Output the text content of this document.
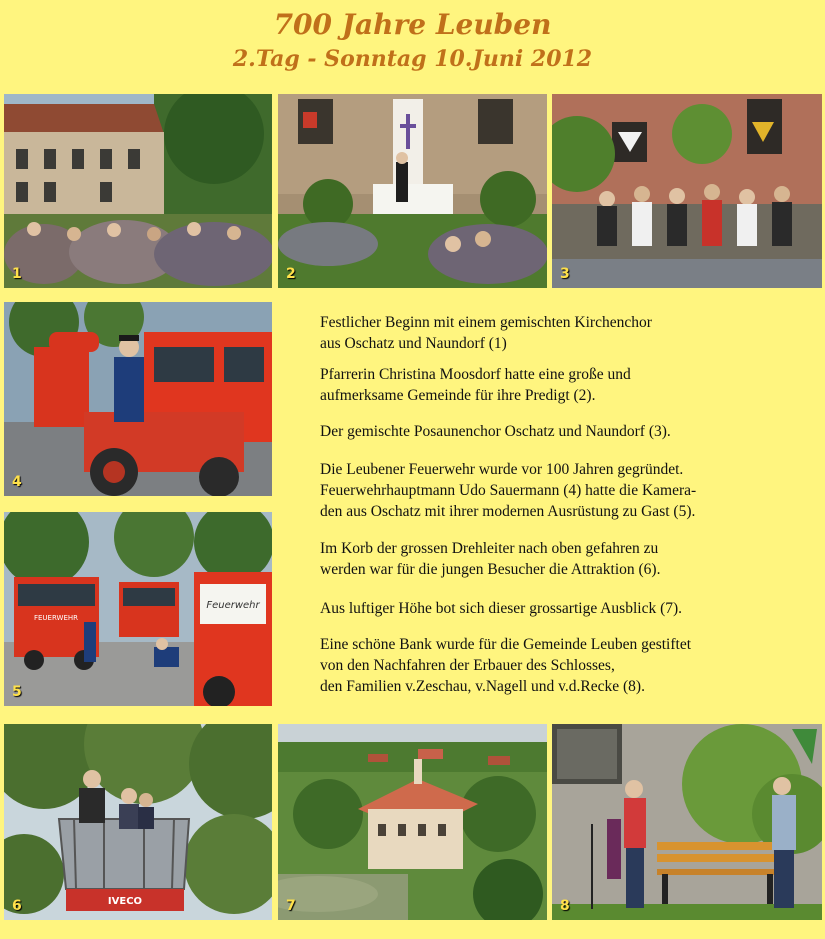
700 Jahre Leuben
2.Tag - Sonntag 10.Juni 2012
1	2	3
4
FEUERWEHR
Feuerwehr
5
IVECO
6	7	8
Festlicher Beginn mit einem gemischten Kirchenchor
aus Oschatz und Naundorf (1)
Pfarrerin Christina Moosdorf hatte eine große und
aufmerksame Gemeinde für ihre Predigt (2).
Der gemischte Posaunenchor Oschatz und Naundorf (3).
Die Leubener Feuerwehr wurde vor 100 Jahren gegründet.
Feuerwehrhauptmann Udo Sauermann (4) hatte die Kamera-
den aus Oschatz mit ihrer modernen Ausrüstung zu Gast (5).
Im Korb der grossen Drehleiter nach oben gefahren zu
werden war für die jungen Besucher die Attraktion (6).
Aus luftiger Höhe bot sich dieser grossartige Ausblick (7).
Eine schöne Bank wurde für die Gemeinde Leuben gestiftet
von den Nachfahren der Erbauer des Schlosses,
den Familien v.Zeschau, v.Nagell und v.d.Recke (8).
